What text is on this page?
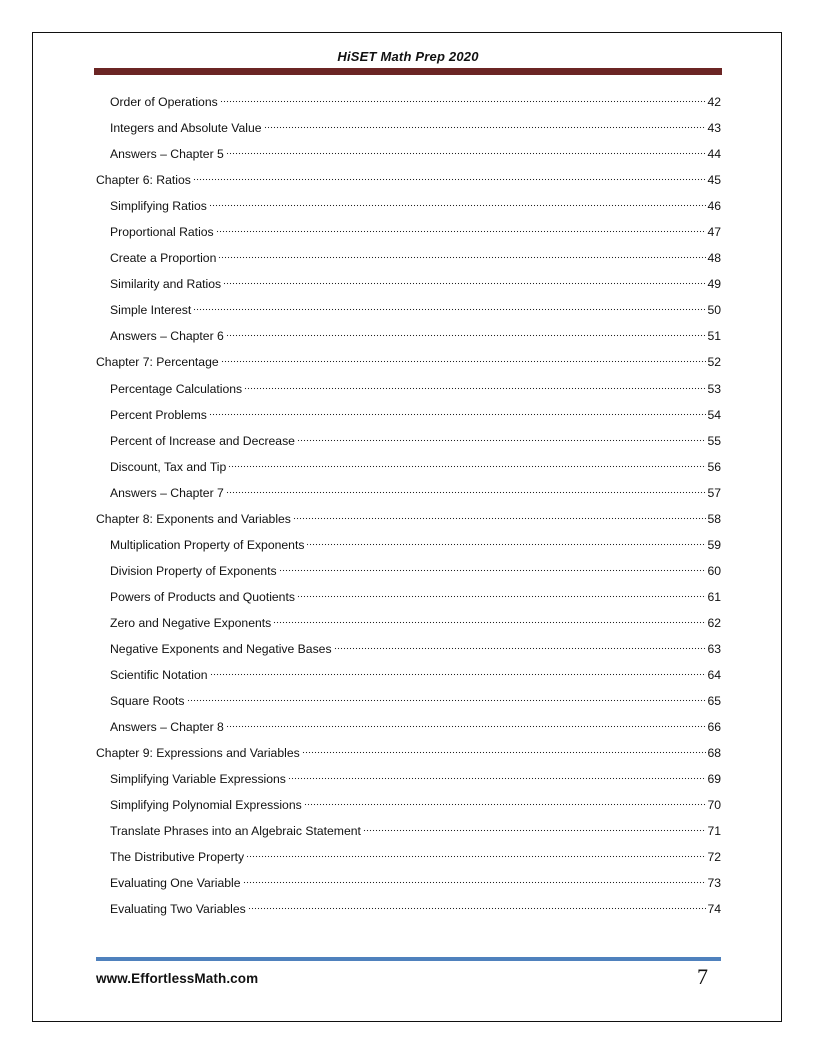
HiSET Math Prep 2020
Order of Operations	42
Integers and Absolute Value	43
Answers – Chapter 5	44
Chapter 6: Ratios	45
Simplifying Ratios	46
Proportional Ratios	47
Create a Proportion	48
Similarity and Ratios	49
Simple Interest	50
Answers – Chapter 6	51
Chapter 7: Percentage	52
Percentage Calculations	53
Percent Problems	54
Percent of Increase and Decrease	55
Discount, Tax and Tip	56
Answers – Chapter 7	57
Chapter 8: Exponents and Variables	58
Multiplication Property of Exponents	59
Division Property of Exponents	60
Powers of Products and Quotients	61
Zero and Negative Exponents	62
Negative Exponents and Negative Bases	63
Scientific Notation	64
Square Roots	65
Answers – Chapter 8	66
Chapter 9: Expressions and Variables	68
Simplifying Variable Expressions	69
Simplifying Polynomial Expressions	70
Translate Phrases into an Algebraic Statement	71
The Distributive Property	72
Evaluating One Variable	73
Evaluating Two Variables	74
www.EffortlessMath.com	7
